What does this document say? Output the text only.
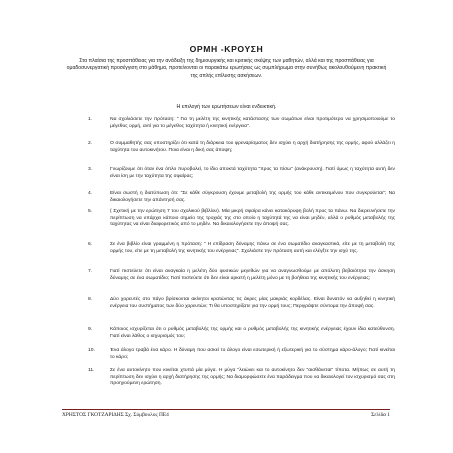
ΟΡΜΗ -ΚΡΟΥΣΗ
Στα πλαίσια της προσπάθειας για την ανάδειξη της δημιουργικής και κριτικής σκέψης των μαθητών, αλλά και της προσπάθειας για ομαδοσυνεργατική προσέγγιση στο μάθημα, προτείνονται οι παρακάτω ερωτήσεις ως συμπλήρωμα στην συνήθως ακολουθούμενη πρακτική της απλής επίλυσης ασκήσεων.
Η επιλογή των ερωτήσεων είναι ενδεικτική.
1.	Να σχολιάσετε την πρόταση: " Για τη μελέτη της κινητικής κατάστασης των σωμάτων είναι προτιμότερο να χρησιμοποιούμε το μέγεθος ορμή, αντί για το μέγεθος ταχύτητα ή κινητική ενέργεια".
2.	Ο συμμαθητής σας υποστηρίζει ότι κατά τη διάρκεια του φρεναρίσματος δεν ισχύει η αρχή διατήρησης της ορμής, αφού αλλάζει η ταχύτητα του αυτοκινήτου. Ποια είναι η δική σας άποψη;
3.	Γνωρίζουμε ότι όταν ένα όπλο πυροβολεί, το ίδιο αποκτά ταχύτητα "προς τα πίσω" (ανάκρουση). Γιατί όμως η ταχύτητα αυτή δεν είναι ίση με την ταχύτητα της σφαίρας;
4.	Είναι σωστή η διατύπωση ότι: "Σε κάθε σύγκρουση έχουμε μεταβολή της ορμής του κάθε αντικειμένου που συγκρούεται"; Να δικαιολογήσετε την απάντησή σας.
5.	( Σχετική με την ερώτηση 7 του σχολικού βιβλίου). Μία μικρή σφαίρα κάνει κατακόρυφη βολή προς τα πάνω. Να διερευνήσετε την περίπτωση να υπάρχει κάποιο σημείο της τροχιάς της στο οποίο η ταχύτητά της να είναι μηδέν, αλλά ο ρυθμός μεταβολής της ταχύτητας να είναι διαφορετικός από το μηδέν. Να δικαιολογήσετε την άποψή σας.
6.	Σε ένα βιβλίο είναι γραμμένη η πρόταση: " Η επίδραση δύναμης πάνω σε ένα σωματίδιο αναγκαστικά, είτε με τη μεταβολή της ορμής του, είτε με τη μεταβολή της κινητικής του ενέργειας". Σχολιάστε την πρόταση αυτή και ελέγξτε την ισχύ της.
7.	Γιατί πιστεύετε ότι είναι αναγκαία η μελέτη δύο φυσικών μεγεθών για να αναγνωσθούμε με απόλυτη βεβαιότητα την άσκηση δύναμης σε ένα σωματίδιο; Γιατί πιστεύετε ότι δεν είναι αρκετή η μελέτη μόνο με τη βοήθεια της κινητικής του ενέργειας;
8.	Δύο χορευτές στο πάγο βρίσκονται ακίνητοι κρατώντας τις άκρες μίας μακριάς κορδέλας. Είναι δυνατόν να αυξηθεί η κινητική ενέργεια του συστήματος των δύο χορευτών; Τι θα υποστηρίζατε για την ορμή τους; Περιγράψτε σύντομα την άποψή σας.
9.	Κάποιος ισχυρίζεται ότι ο ρυθμός μεταβολής της ορμής και ο ρυθμός μεταβολής της κινητικής ενέργειας έχουν ίδια κατεύθυνση. Γιατί είναι λάθος ο ισχυρισμός του;
10.	Ένα άλογο τραβά ένα κάρο. Η δύναμη που ασκεί το άλογο είναι εσωτερική ή εξωτερική για το σύστημα κάρο-άλογο; Γιατί κινείται το κάρο;
11.	Σε ένα αυτοκίνητο που κινείται χτυπά μία μύγα. Η μύγα "λειώνει και το αυτοκίνητο δεν "αισθάνεται" τίποτα. Μήπως σε αυτή τη περίπτωση δεν ισχύει η αρχή διατήρησης της ορμής; Να διαμορφώσετε ένα παράδειγμα που να δικαιολογεί τον ισχυρισμό σας στη προηγούμενη ερώτηση.
ΧΡΗΣΤΟΣ ΓΚΟΤΖΑΡΙΔΗΣ Σχ. Σύμβουλος ΠΕ4	Σελίδα 1
